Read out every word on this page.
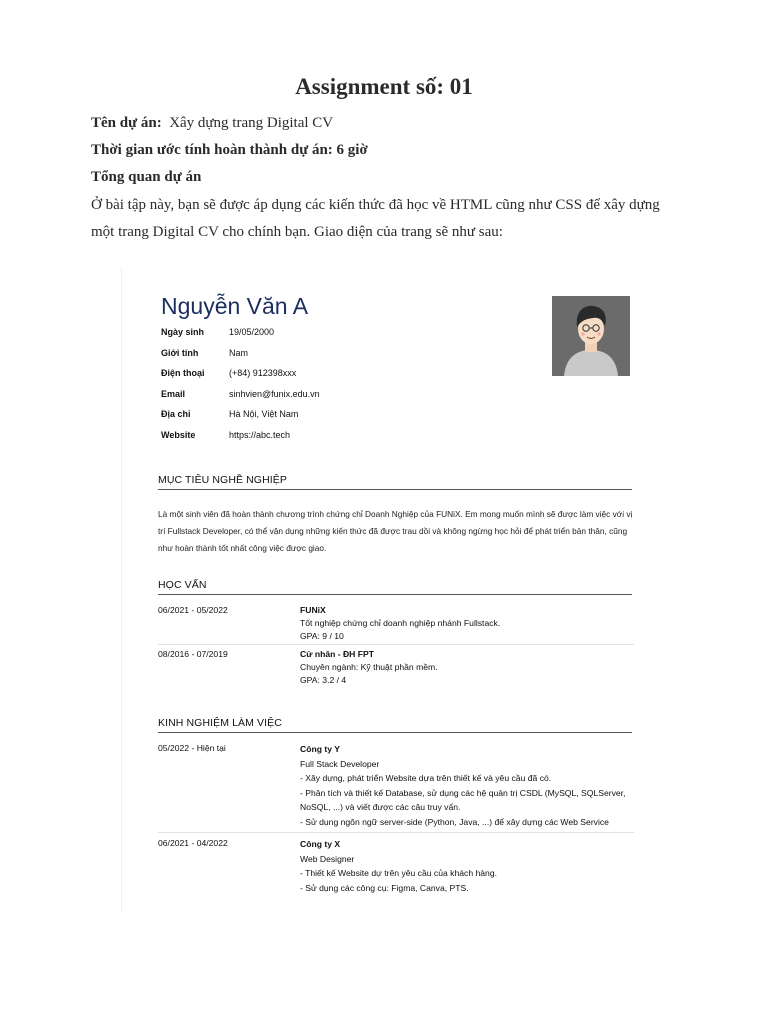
Assignment số: 01
Tên dự án: Xây dựng trang Digital CV
Thời gian ước tính hoàn thành dự án: 6 giờ
Tổng quan dự án
Ở bài tập này, bạn sẽ được áp dụng các kiến thức đã học về HTML cũng như CSS để xây dựng một trang Digital CV cho chính bạn. Giao diện của trang sẽ như sau:
Nguyễn Văn A
Ngày sinh	19/05/2000
Giới tính	Nam
Điện thoại	(+84) 912398xxx
Email	sinhvien@funix.edu.vn
Địa chỉ	Hà Nội, Việt Nam
Website	https://abc.tech
MỤC TIÊU NGHỀ NGHIỆP
Là một sinh viên đã hoàn thành chương trình chứng chỉ Doanh Nghiệp của FUNiX. Em mong muốn mình sẽ được làm việc với vị trí Fullstack Developer, có thể vận dụng những kiến thức đã được trau dồi và không ngừng học hỏi để phát triển bản thân, cũng như hoàn thành tốt nhất công việc được giao.
HỌC VẤN
06/2021 - 05/2022	FUNiX
Tốt nghiệp chứng chỉ doanh nghiệp nhánh Fullstack.
GPA: 9 / 10
08/2016 - 07/2019	Cử nhân - ĐH FPT
Chuyên ngành: Kỹ thuật phần mềm.
GPA: 3.2 / 4
KINH NGHIỆM LÀM VIỆC
05/2022 - Hiện tại	Công ty Y
Full Stack Developer
- Xây dựng, phát triển Website dựa trên thiết kế và yêu cầu đã có.
- Phân tích và thiết kế Database, sử dụng các hệ quản trị CSDL (MySQL, SQLServer, NoSQL, ...) và viết được các câu truy vấn.
- Sử dụng ngôn ngữ server-side (Python, Java, ...) để xây dựng các Web Service
06/2021 - 04/2022	Công ty X
Web Designer
- Thiết kế Website dự trên yêu cầu của khách hàng.
- Sử dụng các công cụ: Figma, Canva, PTS.
